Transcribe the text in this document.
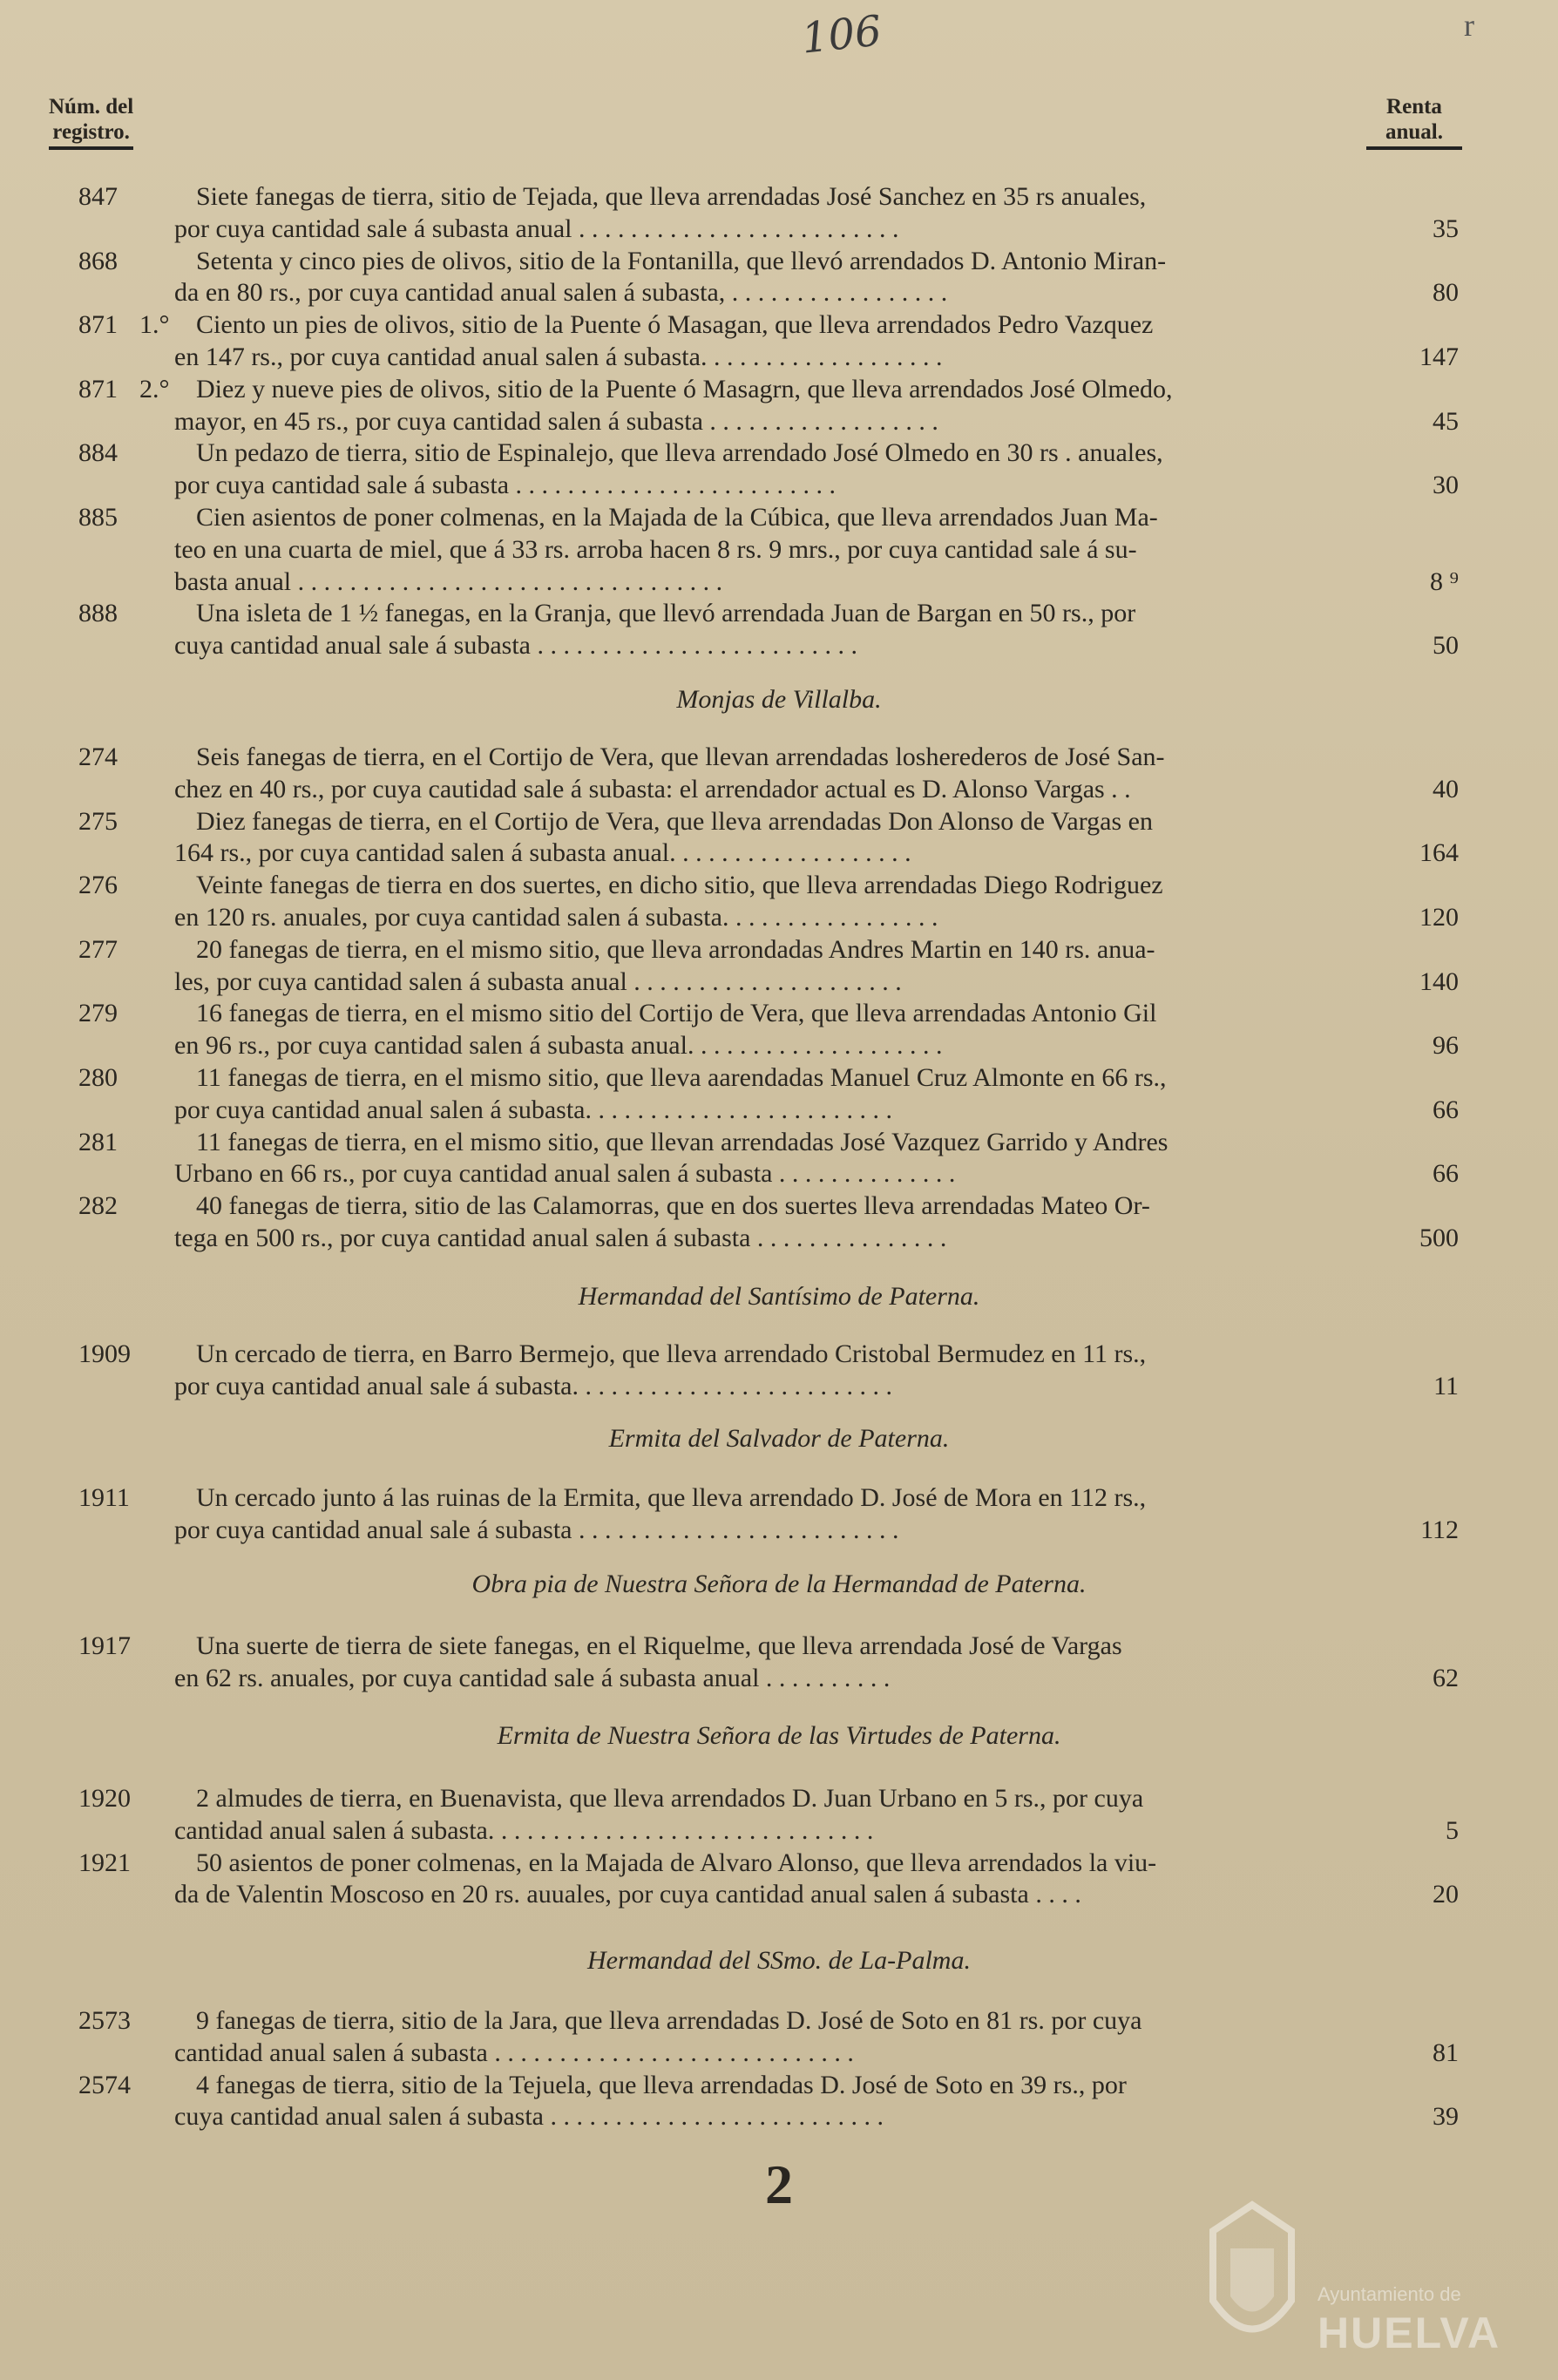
106	r
Núm. del
registro.
Renta
anual.
847	Siete fanegas de tierra, sitio de Tejada, que lleva arrendadas José Sanchez en 35 rs anuales,
por cuya cantidad sale á subasta anual . . . . . . . . . . . . . . . . . . . . . . . . .	35
868	Setenta y cinco pies de olivos, sitio de la Fontanilla, que llevó arrendados D. Antonio Miran-
da en 80 rs., por cuya cantidad anual salen á subasta, . . . . . . . . . . . . . . . . .	80
871 1.°	Ciento un pies de olivos, sitio de la Puente ó Masagan, que lleva arrendados Pedro Vazquez
en 147 rs., por cuya cantidad anual salen á subasta. . . . . . . . . . . . . . . . . . .	147
871 2.°	Diez y nueve pies de olivos, sitio de la Puente ó Masagrn, que lleva arrendados José Olmedo,
mayor, en 45 rs., por cuya cantidad salen á subasta . . . . . . . . . . . . . . . . . .	45
884	Un pedazo de tierra, sitio de Espinalejo, que lleva arrendado José Olmedo en 30 rs . anuales,
por cuya cantidad sale á subasta . . . . . . . . . . . . . . . . . . . . . . . . .	30
885	Cien asientos de poner colmenas, en la Majada de la Cúbica, que lleva arrendados Juan Ma-
teo en una cuarta de miel, que á 33 rs. arroba hacen 8 rs. 9 mrs., por cuya cantidad sale á su-
basta anual . . . . . . . . . . . . . . . . . . . . . . . . . . . . . . . . .	8 ⁹
888	Una isleta de 1 ½ fanegas, en la Granja, que llevó arrendada Juan de Bargan en 50 rs., por
cuya cantidad anual sale á subasta . . . . . . . . . . . . . . . . . . . . . . . . .	50
Monjas de Villalba.
274	Seis fanegas de tierra, en el Cortijo de Vera, que llevan arrendadas losherederos de José San-
chez en 40 rs., por cuya cautidad sale á subasta: el arrendador actual es D. Alonso Vargas . .	40
275	Diez fanegas de tierra, en el Cortijo de Vera, que lleva arrendadas Don Alonso de Vargas en
164 rs., por cuya cantidad salen á subasta anual. . . . . . . . . . . . . . . . . . .	164
276	Veinte fanegas de tierra en dos suertes, en dicho sitio, que lleva arrendadas Diego Rodriguez
en 120 rs. anuales, por cuya cantidad salen á subasta. . . . . . . . . . . . . . . . .	120
277	20 fanegas de tierra, en el mismo sitio, que lleva arrondadas Andres Martin en 140 rs. anua-
les, por cuya cantidad salen á subasta anual . . . . . . . . . . . . . . . . . . . . .	140
279	16 fanegas de tierra, en el mismo sitio del Cortijo de Vera, que lleva arrendadas Antonio Gil
en 96 rs., por cuya cantidad salen á subasta anual. . . . . . . . . . . . . . . . . . . .	96
280	11 fanegas de tierra, en el mismo sitio, que lleva aarendadas Manuel Cruz Almonte en 66 rs.,
por cuya cantidad anual salen á subasta. . . . . . . . . . . . . . . . . . . . . . . .	66
281	11 fanegas de tierra, en el mismo sitio, que llevan arrendadas José Vazquez Garrido y Andres
Urbano en 66 rs., por cuya cantidad anual salen á subasta . . . . . . . . . . . . . .	66
282	40 fanegas de tierra, sitio de las Calamorras, que en dos suertes lleva arrendadas Mateo Or-
tega en 500 rs., por cuya cantidad anual salen á subasta . . . . . . . . . . . . . . .	500
Hermandad del Santísimo de Paterna.
1909	Un cercado de tierra, en Barro Bermejo, que lleva arrendado Cristobal Bermudez en 11 rs.,
por cuya cantidad anual sale á subasta. . . . . . . . . . . . . . . . . . . . . . . . .	11
Ermita del Salvador de Paterna.
1911	Un cercado junto á las ruinas de la Ermita, que lleva arrendado D. José de Mora en 112 rs.,
por cuya cantidad anual sale á subasta . . . . . . . . . . . . . . . . . . . . . . . . .	112
Obra pia de Nuestra Señora de la Hermandad de Paterna.
1917	Una suerte de tierra de siete fanegas, en el Riquelme, que lleva arrendada José de Vargas
en 62 rs. anuales, por cuya cantidad sale á subasta anual . . . . . . . . . .	62
Ermita de Nuestra Señora de las Virtudes de Paterna.
1920	2 almudes de tierra, en Buenavista, que lleva arrendados D. Juan Urbano en 5 rs., por cuya
cantidad anual salen á subasta. . . . . . . . . . . . . . . . . . . . . . . . . . . . . .	5
1921	50 asientos de poner colmenas, en la Majada de Alvaro Alonso, que lleva arrendados la viu-
da de Valentin Moscoso en 20 rs. auuales, por cuya cantidad anual salen á subasta . . . .	20
Hermandad del SSmo. de La-Palma.
2573	9 fanegas de tierra, sitio de la Jara, que lleva arrendadas D. José de Soto en 81 rs. por cuya
cantidad anual salen á subasta . . . . . . . . . . . . . . . . . . . . . . . . . . . .	81
2574	4 fanegas de tierra, sitio de la Tejuela, que lleva arrendadas D. José de Soto en 39 rs., por
cuya cantidad anual salen á subasta . . . . . . . . . . . . . . . . . . . . . . . . . .	39
2
Ayuntamiento de
HUELVA
